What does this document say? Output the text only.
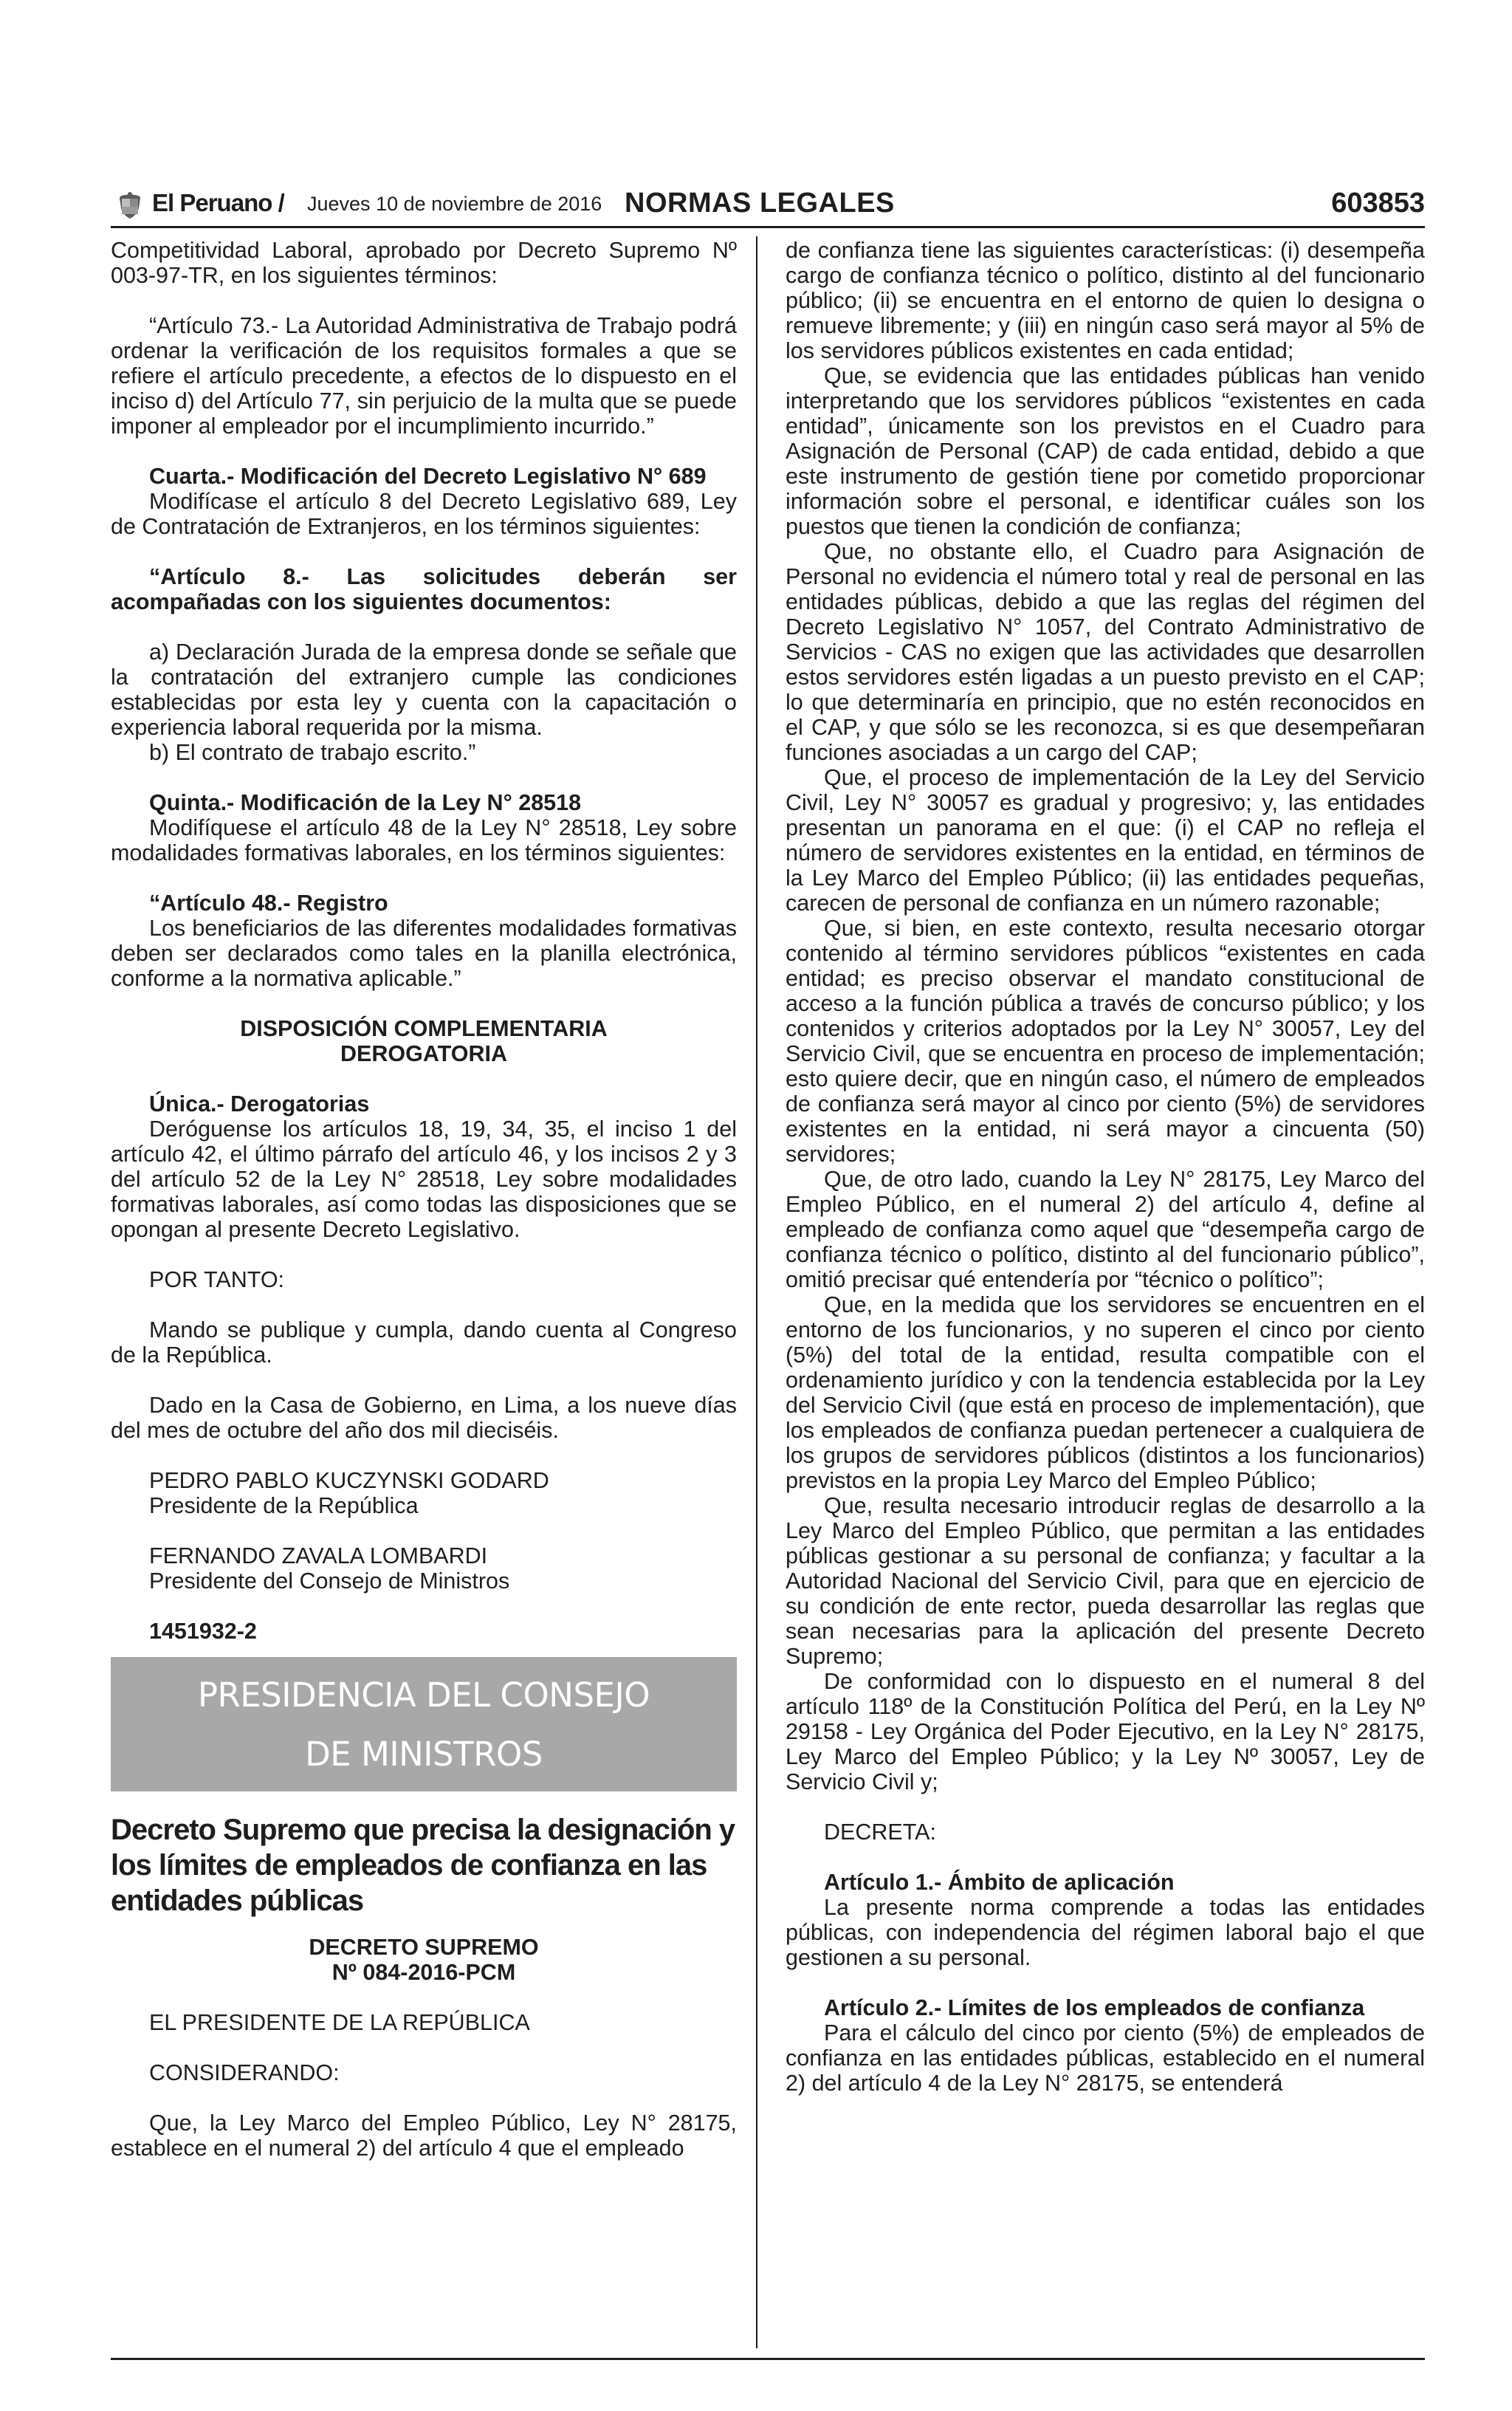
El Peruano / Jueves 10 de noviembre de 2016 NORMAS LEGALES	603853

Competitividad Laboral, aprobado por Decreto Supremo Nº 003-97-TR, en los siguientes términos:

“Artículo 73.- La Autoridad Administrativa de Trabajo podrá ordenar la verificación de los requisitos formales a que se refiere el artículo precedente, a efectos de lo dispuesto en el inciso d) del Artículo 77, sin perjuicio de la multa que se puede imponer al empleador por el incumplimiento incurrido.”

Cuarta.- Modificación del Decreto Legislativo N° 689

Modifícase el artículo 8 del Decreto Legislativo 689, Ley de Contratación de Extranjeros, en los términos siguientes:

“Artículo 8.- Las solicitudes deberán ser acompañadas con los siguientes documentos:

a) Declaración Jurada de la empresa donde se señale que la contratación del extranjero cumple las condiciones establecidas por esta ley y cuenta con la capacitación o experiencia laboral requerida por la misma.

b) El contrato de trabajo escrito.”

Quinta.- Modificación de la Ley N° 28518

Modifíquese el artículo 48 de la Ley N° 28518, Ley sobre modalidades formativas laborales, en los términos siguientes:

“Artículo 48.- Registro

Los beneficiarios de las diferentes modalidades formativas deben ser declarados como tales en la planilla electrónica, conforme a la normativa aplicable.”

DISPOSICIÓN COMPLEMENTARIA

DEROGATORIA

Única.- Derogatorias

Deróguense los artículos 18, 19, 34, 35, el inciso 1 del artículo 42, el último párrafo del artículo 46, y los incisos 2 y 3 del artículo 52 de la Ley N° 28518, Ley sobre modalidades formativas laborales, así como todas las disposiciones que se opongan al presente Decreto Legislativo.

POR TANTO:

Mando se publique y cumpla, dando cuenta al Congreso de la República.

Dado en la Casa de Gobierno, en Lima, a los nueve días del mes de octubre del año dos mil dieciséis.

PEDRO PABLO KUCZYNSKI GODARD

Presidente de la República

FERNANDO ZAVALA LOMBARDI

Presidente del Consejo de Ministros

1451932-2

PRESIDENCIA DEL CONSEJO
DE MINISTROS
Decreto Supremo que precisa la designación y los límites de empleados de confianza en las entidades públicas

DECRETO SUPREMO

Nº 084-2016-PCM

EL PRESIDENTE DE LA REPÚBLICA

CONSIDERANDO:

Que, la Ley Marco del Empleo Público, Ley N° 28175, establece en el numeral 2) del artículo 4 que el empleado

de confianza tiene las siguientes características: (i) desempeña cargo de confianza técnico o político, distinto al del funcionario público; (ii) se encuentra en el entorno de quien lo designa o remueve libremente; y (iii) en ningún caso será mayor al 5% de los servidores públicos existentes en cada entidad;

Que, se evidencia que las entidades públicas han venido interpretando que los servidores públicos “existentes en cada entidad”, únicamente son los previstos en el Cuadro para Asignación de Personal (CAP) de cada entidad, debido a que este instrumento de gestión tiene por cometido proporcionar información sobre el personal, e identificar cuáles son los puestos que tienen la condición de confianza;

Que, no obstante ello, el Cuadro para Asignación de Personal no evidencia el número total y real de personal en las entidades públicas, debido a que las reglas del régimen del Decreto Legislativo N° 1057, del Contrato Administrativo de Servicios - CAS no exigen que las actividades que desarrollen estos servidores estén ligadas a un puesto previsto en el CAP; lo que determinaría en principio, que no estén reconocidos en el CAP, y que sólo se les reconozca, si es que desempeñaran funciones asociadas a un cargo del CAP;

Que, el proceso de implementación de la Ley del Servicio Civil, Ley N° 30057 es gradual y progresivo; y, las entidades presentan un panorama en el que: (i) el CAP no refleja el número de servidores existentes en la entidad, en términos de la Ley Marco del Empleo Público; (ii) las entidades pequeñas, carecen de personal de confianza en un número razonable;

Que, si bien, en este contexto, resulta necesario otorgar contenido al término servidores públicos “existentes en cada entidad; es preciso observar el mandato constitucional de acceso a la función pública a través de concurso público; y los contenidos y criterios adoptados por la Ley N° 30057, Ley del Servicio Civil, que se encuentra en proceso de implementación; esto quiere decir, que en ningún caso, el número de empleados de confianza será mayor al cinco por ciento (5%) de servidores existentes en la entidad, ni será mayor a cincuenta (50) servidores;

Que, de otro lado, cuando la Ley N° 28175, Ley Marco del Empleo Público, en el numeral 2) del artículo 4, define al empleado de confianza como aquel que “desempeña cargo de confianza técnico o político, distinto al del funcionario público”, omitió precisar qué entendería por “técnico o político”;

Que, en la medida que los servidores se encuentren en el entorno de los funcionarios, y no superen el cinco por ciento (5%) del total de la entidad, resulta compatible con el ordenamiento jurídico y con la tendencia establecida por la Ley del Servicio Civil (que está en proceso de implementación), que los empleados de confianza puedan pertenecer a cualquiera de los grupos de servidores públicos (distintos a los funcionarios) previstos en la propia Ley Marco del Empleo Público;

Que, resulta necesario introducir reglas de desarrollo a la Ley Marco del Empleo Público, que permitan a las entidades públicas gestionar a su personal de confianza; y facultar a la Autoridad Nacional del Servicio Civil, para que en ejercicio de su condición de ente rector, pueda desarrollar las reglas que sean necesarias para la aplicación del presente Decreto Supremo;

De conformidad con lo dispuesto en el numeral 8 del artículo 118º de la Constitución Política del Perú, en la Ley Nº 29158 - Ley Orgánica del Poder Ejecutivo, en la Ley N° 28175, Ley Marco del Empleo Público; y la Ley Nº 30057, Ley de Servicio Civil y;

DECRETA:

Artículo 1.- Ámbito de aplicación

La presente norma comprende a todas las entidades públicas, con independencia del régimen laboral bajo el que gestionen a su personal.

Artículo 2.- Límites de los empleados de confianza

Para el cálculo del cinco por ciento (5%) de empleados de confianza en las entidades públicas, establecido en el numeral 2) del artículo 4 de la Ley N° 28175, se entenderá
